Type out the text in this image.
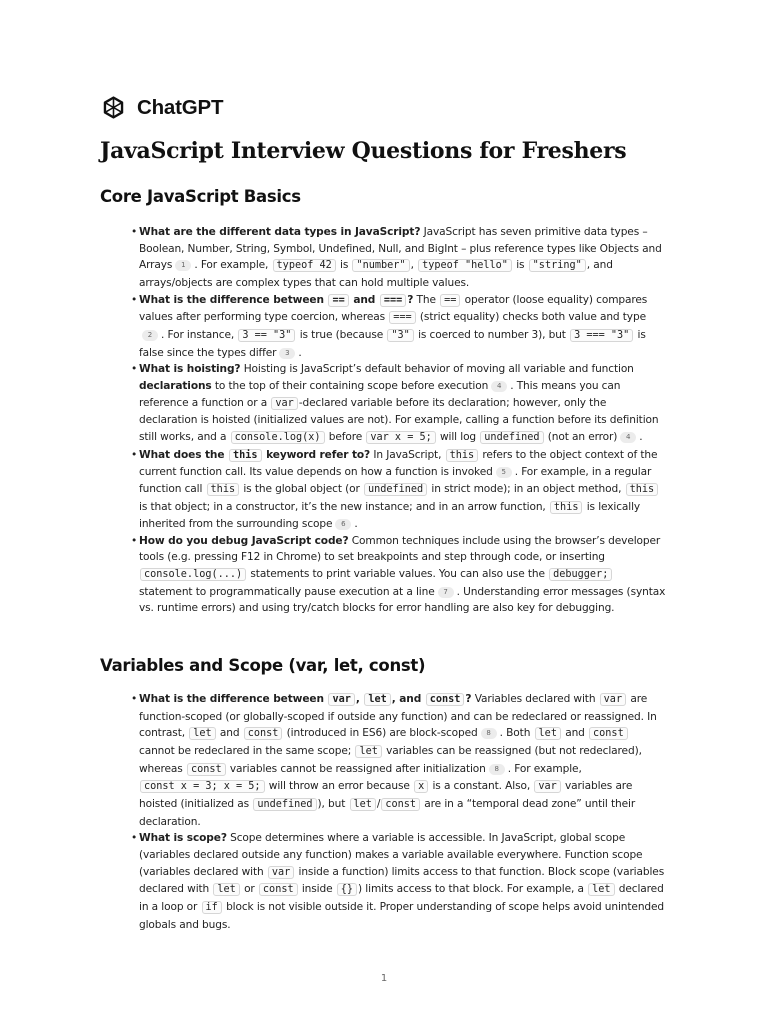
ChatGPT
JavaScript Interview Questions for Freshers
Core JavaScript Basics
• What are the different data types in JavaScript? JavaScript has seven primitive data types – Boolean, Number, String, Symbol, Undefined, Null, and BigInt – plus reference types like Objects and Arrays 1 . For example, typeof 42 is "number" , typeof "hello" is "string" , and arrays/objects are complex types that can hold multiple values.
• What is the difference between == and === ? The == operator (loose equality) compares values after performing type coercion, whereas === (strict equality) checks both value and type2 . For instance, 3 == "3" is true (because "3" is coerced to number 3), but 3 === "3" is false since the types differ 3 .
• What is hoisting? Hoisting is JavaScript’s default behavior of moving all variable and function declarations to the top of their containing scope before execution 4 . This means you can reference a function or a var -declared variable before its declaration; however, only the declaration is hoisted (initialized values are not). For example, calling a function before its definition still works, and a console.log(x) before var x = 5; will log undefined (not an error) 4 .
• What does the this keyword refer to? In JavaScript, this refers to the object context of the current function call. Its value depends on how a function is invoked 5 . For example, in a regular function call this is the global object (or undefined in strict mode); in an object method, this is that object; in a constructor, it’s the new instance; and in an arrow function, this is lexically inherited from the surrounding scope 6 .
• How do you debug JavaScript code? Common techniques include using the browser’s developer tools (e.g. pressing F12 in Chrome) to set breakpoints and step through code, or inserting console.log(...) statements to print variable values. You can also use the debugger; statement to programmatically pause execution at a line 7 . Understanding error messages (syntax vs. runtime errors) and using try/catch blocks for error handling are also key for debugging.
Variables and Scope (var, let, const)
• What is the difference between var , let , and const ? Variables declared with var are function-scoped (or globally-scoped if outside any function) and can be redeclared or reassigned. In contrast, let and const (introduced in ES6) are block-scoped 8 . Both let and const cannot be redeclared in the same scope; let variables can be reassigned (but not redeclared), whereas const variables cannot be reassigned after initialization 8 . For example, const x = 3; x = 5; will throw an error because x is a constant. Also, var variables are hoisted (initialized as undefined ), but let / const are in a “temporal dead zone” until their declaration.
• What is scope? Scope determines where a variable is accessible. In JavaScript, global scope (variables declared outside any function) makes a variable available everywhere. Function scope (variables declared with var inside a function) limits access to that function. Block scope (variables declared with let or const inside {} ) limits access to that block. For example, a let declared in a loop or if block is not visible outside it. Proper understanding of scope helps avoid unintended globals and bugs.
1
